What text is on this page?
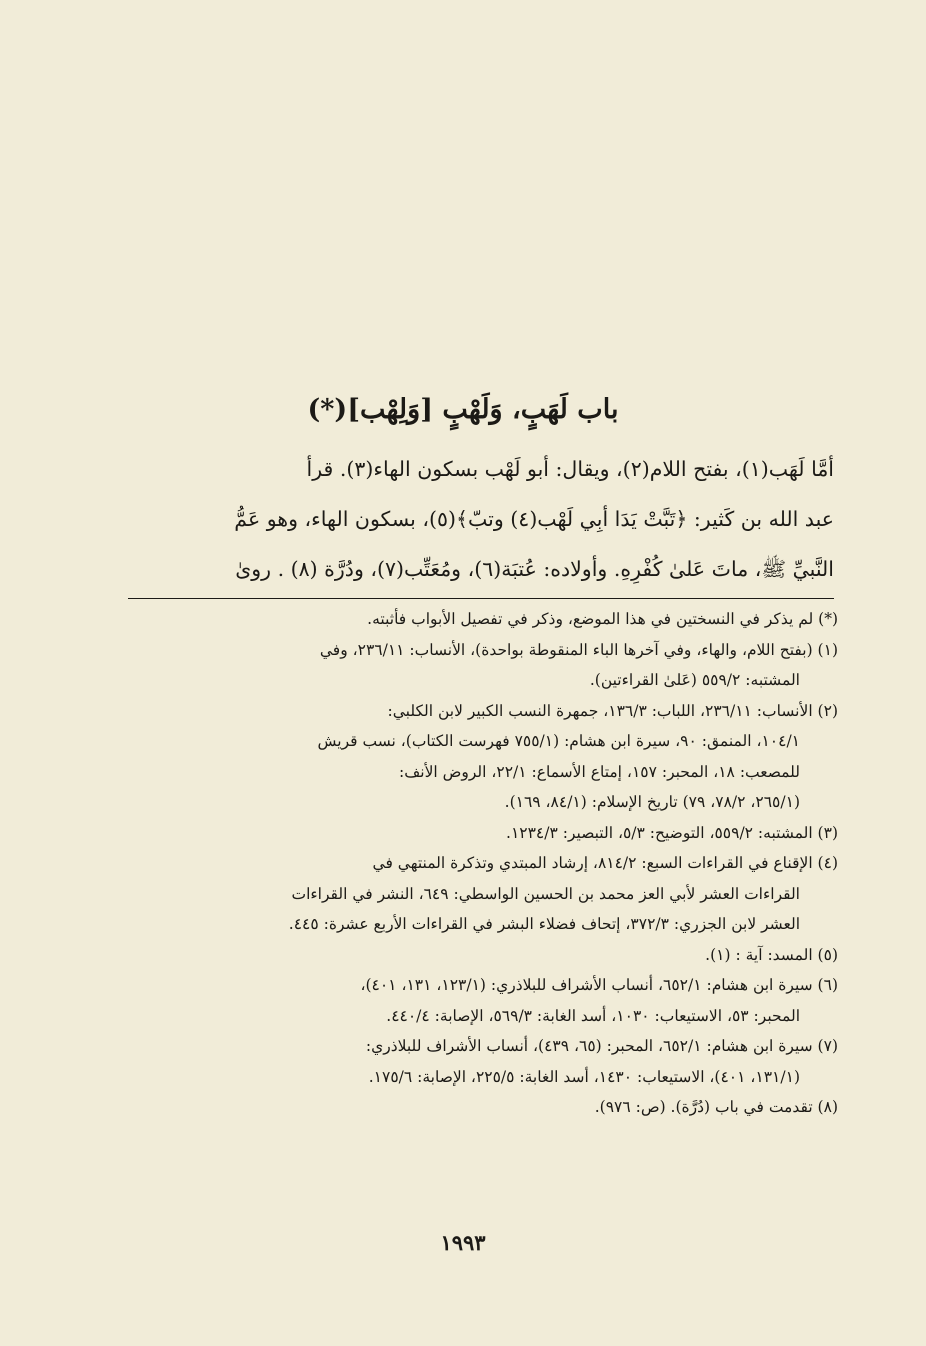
باب لَهَبٍ، وَلَهْبٍ [وَلِهْب](*)
أمَّا لَهَب(١)، بفتح اللام(٢)، ويقال: أبو لَهْب بسكون الهاء(٣). قرأ
عبد الله بن كَثير: ﴿تَبَّتْ يَدَا أبِي لَهْب(٤) وتبّ﴾(٥)، بسكون الهاء، وهو عَمُّ
النَّبيِّ ﷺ، ماتَ عَلىٰ كُفْرِهِ. وأولاده: عُتبَة(٦)، ومُعَتِّب(٧)، ودُرَّة (٨) . روىٰ
(*) لم يذكر في النسختين في هذا الموضع، وذكر في تفصيل الأبواب فأثبته.
(١) (بفتح اللام، والهاء، وفي آخرها الباء المنقوطة بواحدة)، الأنساب: ٢٣٦/١١، وفي
المشتبه: ٥٥٩/٢ (عَلىٰ القراءتين).
(٢) الأنساب: ٢٣٦/١١، اللباب: ١٣٦/٣، جمهرة النسب الكبير لابن الكلبي:
١٠٤/١، المنمق: ٩٠، سيرة ابن هشام: (٧٥٥/١ فهرست الكتاب)، نسب قريش
للمصعب: ١٨، المحبر: ١٥٧، إمتاع الأسماع: ٢٢/١، الروض الأنف:
(٢٦٥/١، ٧٨/٢، ٧٩) تاريخ الإسلام: (٨٤/١، ١٦٩).
(٣) المشتبه: ٥٥٩/٢، التوضيح: ٥/٣، التبصير: ١٢٣٤/٣.
(٤) الإقناع في القراءات السبع: ٨١٤/٢، إرشاد المبتدي وتذكرة المنتهي في
القراءات العشر لأبي العز محمد بن الحسين الواسطي: ٦٤٩، النشر في القراءات
العشر لابن الجزري: ٣٧٢/٣، إتحاف فضلاء البشر في القراءات الأربع عشرة: ٤٤٥.
(٥) المسد: آية : (١).
(٦) سيرة ابن هشام: ٦٥٢/١، أنساب الأشراف للبلاذري: (١٢٣/١، ١٣١، ٤٠١)،
المحبر: ٥٣، الاستيعاب: ١٠٣٠، أسد الغابة: ٥٦٩/٣، الإصابة: ٤٤٠/٤.
(٧) سيرة ابن هشام: ٦٥٢/١، المحبر: (٦٥، ٤٣٩)، أنساب الأشراف للبلاذري:
(١٣١/١، ٤٠١)، الاستيعاب: ١٤٣٠، أسد الغابة: ٢٢٥/٥، الإصابة: ١٧٥/٦.
(٨) تقدمت في باب (دُرَّة). (ص: ٩٧٦).
١٩٩٣
